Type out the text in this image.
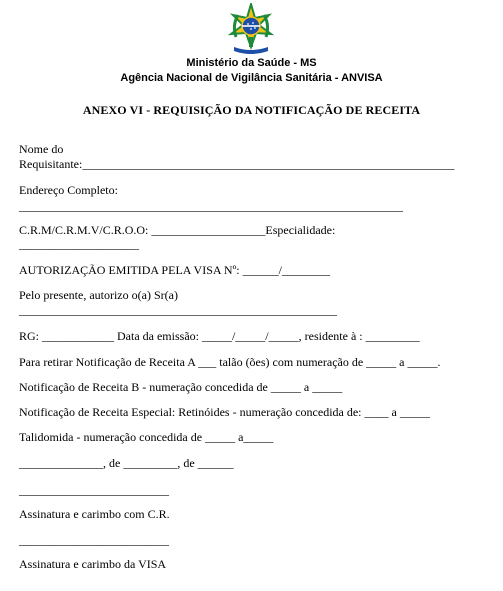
Ministério da Saúde - MS
Agência Nacional de Vigilância Sanitária - ANVISA
ANEXO VI - REQUISIÇÃO DA NOTIFICAÇÃO DE RECEITA
Nome do
Requisitante:______________________________________________________________
Endereço Completo:
________________________________________________________________
C.R.M/C.R.M.V/C.R.O.O: ___________________Especialidade:
____________________
AUTORIZAÇÃO EMITIDA PELA VISA Nº: ______/________
Pelo presente, autorizo o(a) Sr(a)
_____________________________________________________
RG: ____________ Data da emissão: _____/_____/_____, residente à : _________
Para retirar Notificação de Receita A ___ talão (ões) com numeração de _____ a _____.
Notificação de Receita B - numeração concedida de _____ a _____
Notificação de Receita Especial: Retinóides - numeração concedida de: ____ a _____
Talidomida - numeração concedida de _____ a_____
______________, de _________, de ______
_________________________
Assinatura e carimbo com C.R.
_________________________
Assinatura e carimbo da VISA
